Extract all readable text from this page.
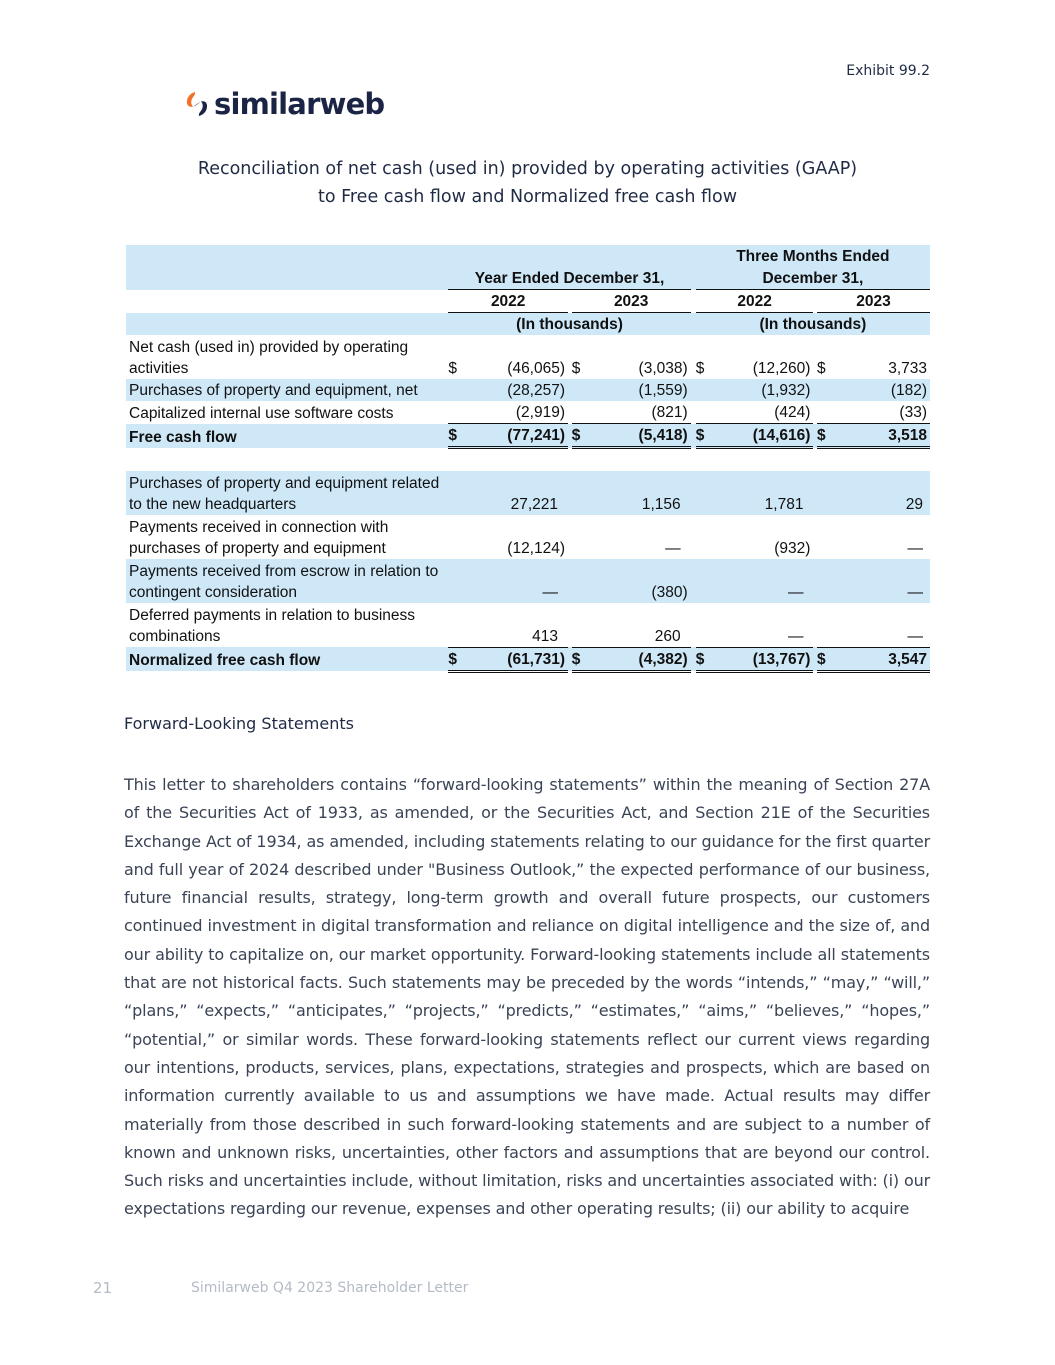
Exhibit 99.2
similarweb
Reconciliation of net cash (used in) provided by operating activities (GAAP)
to Free cash flow and Normalized free cash flow
								Three Months Ended				
		Year Ended December 31,						December 31,				
		2022			2023			2022			2023	
		(In thousands)						(In thousands)				
Net cash (used in) provided by operating activities		$	(46,065)		$	(3,038)		$	(12,260)		$	3,733
Purchases of property and equipment, net			(28,257)			(1,559)			(1,932)			(182)
Capitalized internal use software costs			(2,919)			(821)			(424)			(33)
Free cash flow		$	(77,241)		$	(5,418)		$	(14,616)		$	3,518

Purchases of property and equipment related to the new headquarters			27,221			1,156			1,781			29
Payments received in connection with purchases of property and equipment			(12,124)			—			(932)			—
Payments received from escrow in relation to contingent consideration			—			(380)			—			—
Deferred payments in relation to business combinations			413			260			—			—
Normalized free cash flow		$	(61,731)		$	(4,382)		$	(13,767)		$	3,547
Forward-Looking Statements
This letter to shareholders contains “forward-looking statements” within the meaning of Section 27A of the Securities Act of 1933, as amended, or the Securities Act, and Section 21E of the Securities Exchange Act of 1934, as amended, including statements relating to our guidance for the first quarter and full year of 2024 described under "Business Outlook,” the expected performance of our business, future financial results, strategy, long-term growth and overall future prospects, our customers continued investment in digital transformation and reliance on digital intelligence and the size of, and our ability to capitalize on, our market opportunity. Forward-looking statements include all statements that are not historical facts. Such statements may be preceded by the words “intends,” “may,” “will,” “plans,” “expects,” “anticipates,” “projects,” “predicts,” “estimates,” “aims,” “believes,” “hopes,” “potential,” or similar words. These forward-looking statements reflect our current views regarding our intentions, products, services, plans, expectations, strategies and prospects, which are based on information currently available to us and assumptions we have made. Actual results may differ materially from those described in such forward-looking statements and are subject to a number of known and unknown risks, uncertainties, other factors and assumptions that are beyond our control. Such risks and uncertainties include, without limitation, risks and uncertainties associated with: (i) our expectations regarding our revenue, expenses and other operating results; (ii) our ability to acquire
21	Similarweb Q4 2023 Shareholder Letter
